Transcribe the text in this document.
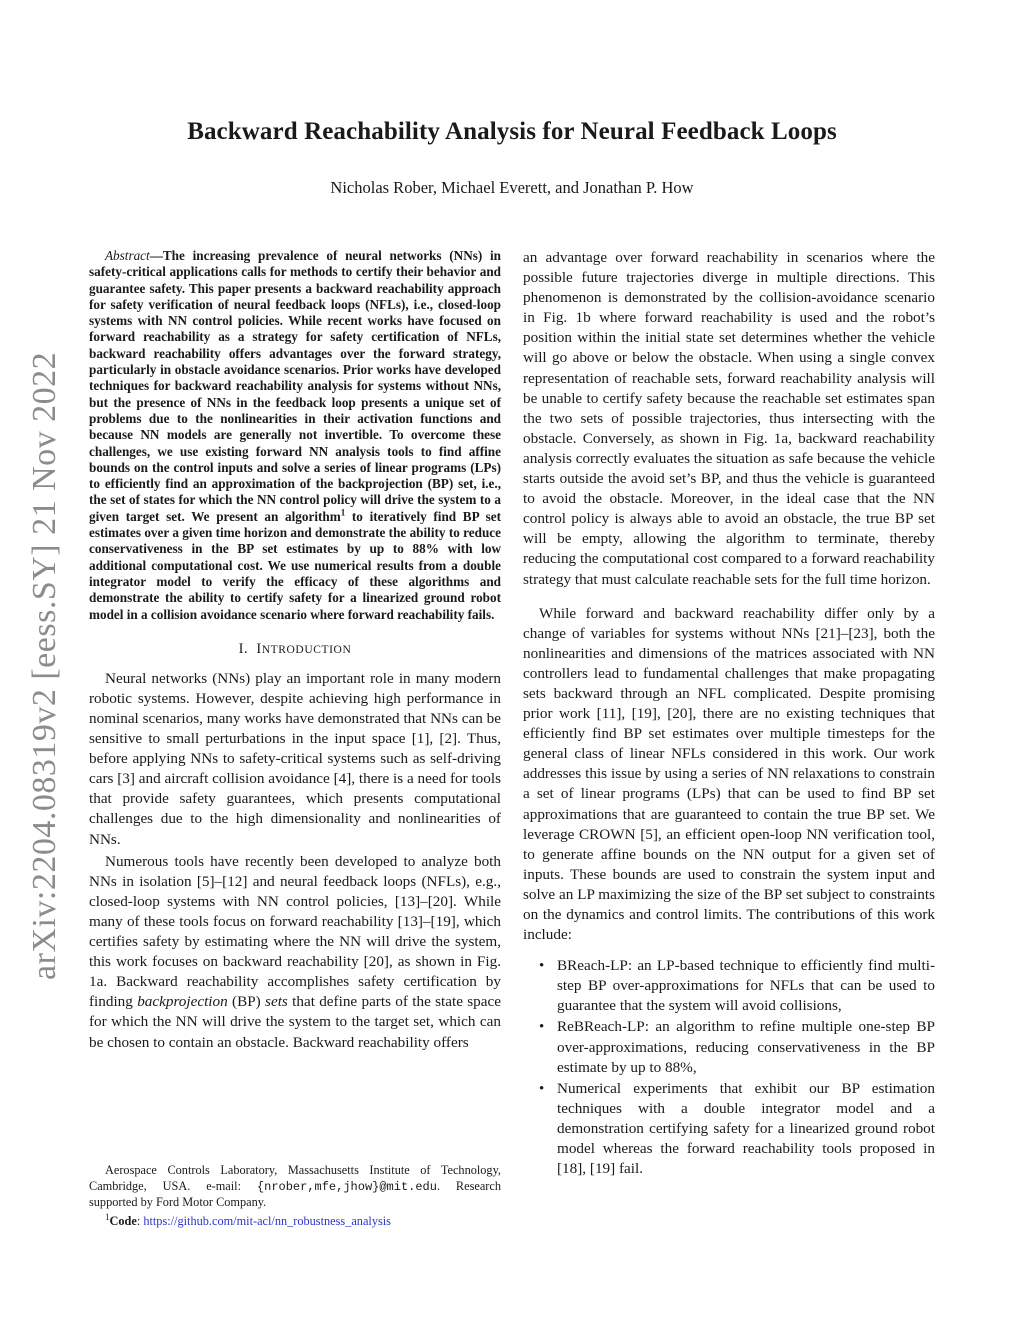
arXiv:2204.08319v2 [eess.SY] 21 Nov 2022
Backward Reachability Analysis for Neural Feedback Loops
Nicholas Rober, Michael Everett, and Jonathan P. How

Abstract—The increasing prevalence of neural networks (NNs) in safety-critical applications calls for methods to certify their behavior and guarantee safety. This paper presents a backward reachability approach for safety verification of neural feedback loops (NFLs), i.e., closed-loop systems with NN control policies. While recent works have focused on forward reachability as a strategy for safety certification of NFLs, backward reachability offers advantages over the forward strategy, particularly in obstacle avoidance scenarios. Prior works have developed techniques for backward reachability analysis for systems without NNs, but the presence of NNs in the feedback loop presents a unique set of problems due to the nonlinearities in their activation functions and because NN models are generally not invertible. To overcome these challenges, we use existing forward NN analysis tools to find affine bounds on the control inputs and solve a series of linear programs (LPs) to efficiently find an approximation of the backprojection (BP) set, i.e., the set of states for which the NN control policy will drive the system to a given target set. We present an algorithm$^1$ to iteratively find BP set estimates over a given time horizon and demonstrate the ability to reduce conservativeness in the BP set estimates by up to 88% with low additional computational cost. We use numerical results from a double integrator model to verify the efficacy of these algorithms and demonstrate the ability to certify safety for a linearized ground robot model in a collision avoidance scenario where forward reachability fails.

I. INTRODUCTION

Neural networks (NNs) play an important role in many modern robotic systems. However, despite achieving high performance in nominal scenarios, many works have demonstrated that NNs can be sensitive to small perturbations in the input space [1], [2]. Thus, before applying NNs to safety-critical systems such as self-driving cars [3] and aircraft collision avoidance [4], there is a need for tools that provide safety guarantees, which presents computational challenges due to the high dimensionality and nonlinearities of NNs.

Numerous tools have recently been developed to analyze both NNs in isolation [5]–[12] and neural feedback loops (NFLs), e.g., closed-loop systems with NN control policies, [13]–[20]. While many of these tools focus on forward reachability [13]–[19], which certifies safety by estimating where the NN will drive the system, this work focuses on backward reachability [20], as shown in Fig. 1a. Backward reachability accomplishes safety certification by finding backprojection (BP) sets that define parts of the state space for which the NN will drive the system to the target set, which can be chosen to contain an obstacle. Backward reachability offers

Aerospace Controls Laboratory, Massachusetts Institute of Technology, Cambridge, USA. e-mail: {nrober,mfe,jhow}@mit.edu. Research supported by Ford Motor Company.

$^1$Code: https://github.com/mit-acl/nn_robustness_analysis

an advantage over forward reachability in scenarios where the possible future trajectories diverge in multiple directions. This phenomenon is demonstrated by the collision-avoidance scenario in Fig. 1b where forward reachability is used and the robot’s position within the initial state set determines whether the vehicle will go above or below the obstacle. When using a single convex representation of reachable sets, forward reachability analysis will be unable to certify safety because the reachable set estimates span the two sets of possible trajectories, thus intersecting with the obstacle. Conversely, as shown in Fig. 1a, backward reachability analysis correctly evaluates the situation as safe because the vehicle starts outside the avoid set’s BP, and thus the vehicle is guaranteed to avoid the obstacle. Moreover, in the ideal case that the NN control policy is always able to avoid an obstacle, the true BP set will be empty, allowing the algorithm to terminate, thereby reducing the computational cost compared to a forward reachability strategy that must calculate reachable sets for the full time horizon.

While forward and backward reachability differ only by a change of variables for systems without NNs [21]–[23], both the nonlinearities and dimensions of the matrices associated with NN controllers lead to fundamental challenges that make propagating sets backward through an NFL complicated. Despite promising prior work [11], [19], [20], there are no existing techniques that efficiently find BP set estimates over multiple timesteps for the general class of linear NFLs considered in this work. Our work addresses this issue by using a series of NN relaxations to constrain a set of linear programs (LPs) that can be used to find BP set approximations that are guaranteed to contain the true BP set. We leverage CROWN [5], an efficient open-loop NN verification tool, to generate affine bounds on the NN output for a given set of inputs. These bounds are used to constrain the system input and solve an LP maximizing the size of the BP set subject to constraints on the dynamics and control limits. The contributions of this work include:

• BReach-LP: an LP-based technique to efficiently find multi-step BP over-approximations for NFLs that can be used to guarantee that the system will avoid collisions,
• ReBReach-LP: an algorithm to refine multiple one-step BP over-approximations, reducing conservativeness in the BP estimate by up to 88%,
• Numerical experiments that exhibit our BP estimation techniques with a double integrator model and a demonstration certifying safety for a linearized ground robot model whereas the forward reachability tools proposed in [18], [19] fail.
